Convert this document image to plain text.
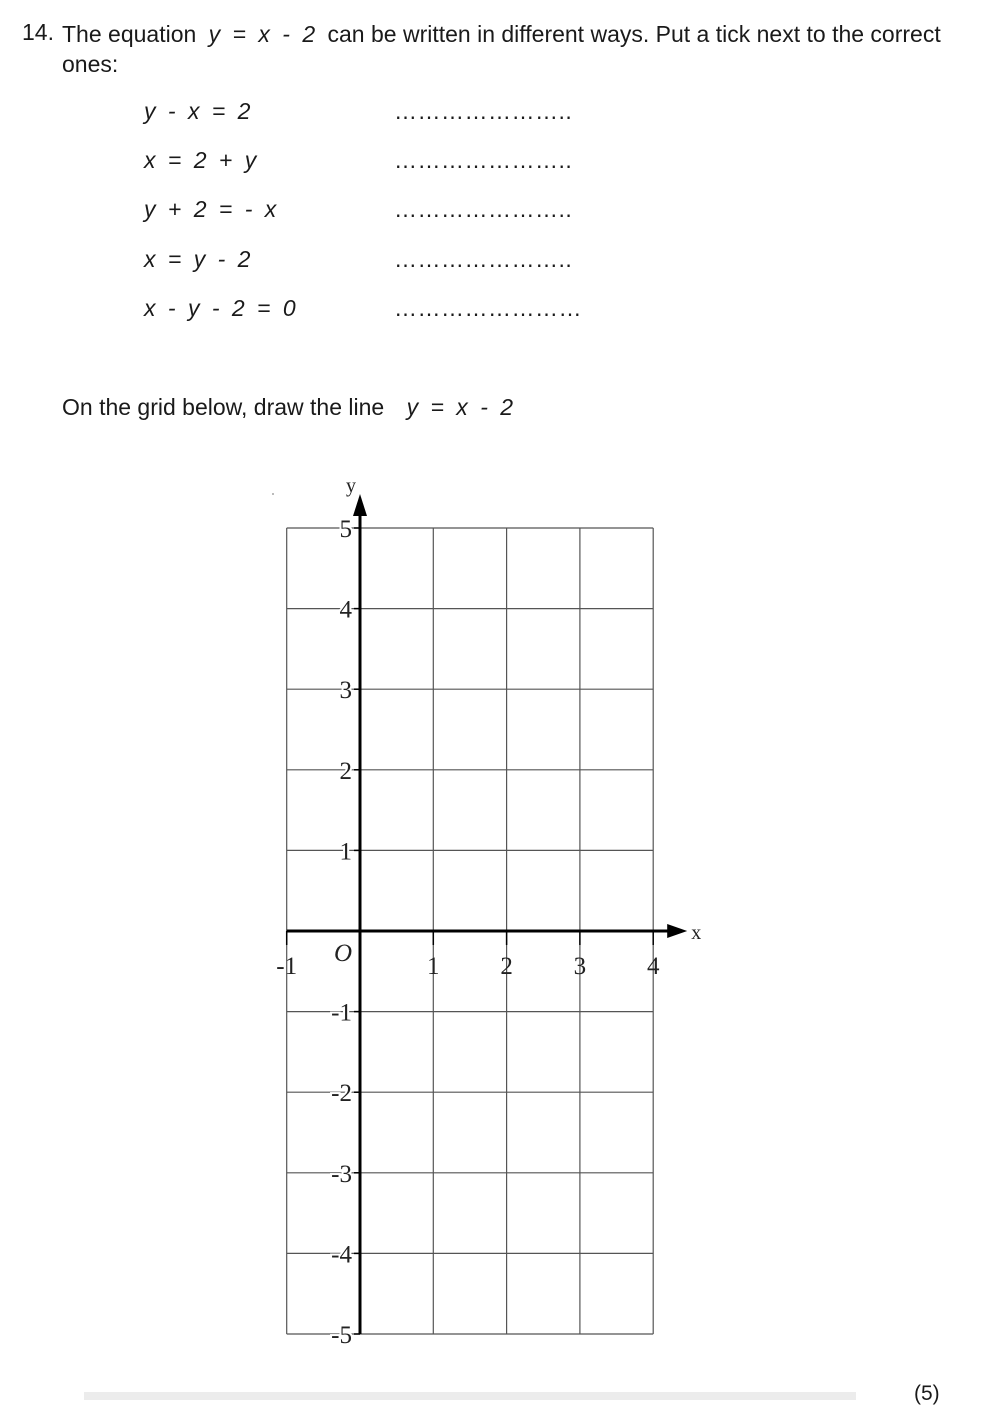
14. The equation y = x - 2 can be written in different ways. Put a tick next to the correct ones:
y - x = 2	…………………..
x = 2 + y	…………………..
y + 2 = - x	…………………..
x = y - 2	…………………..
x - y - 2 = 0	……………………
On the grid below, draw the line y = x - 2
x
y
O
-1	1 2 3 4
5
4
3
2
1
-1
-2
-3
-4
-5
(5)
